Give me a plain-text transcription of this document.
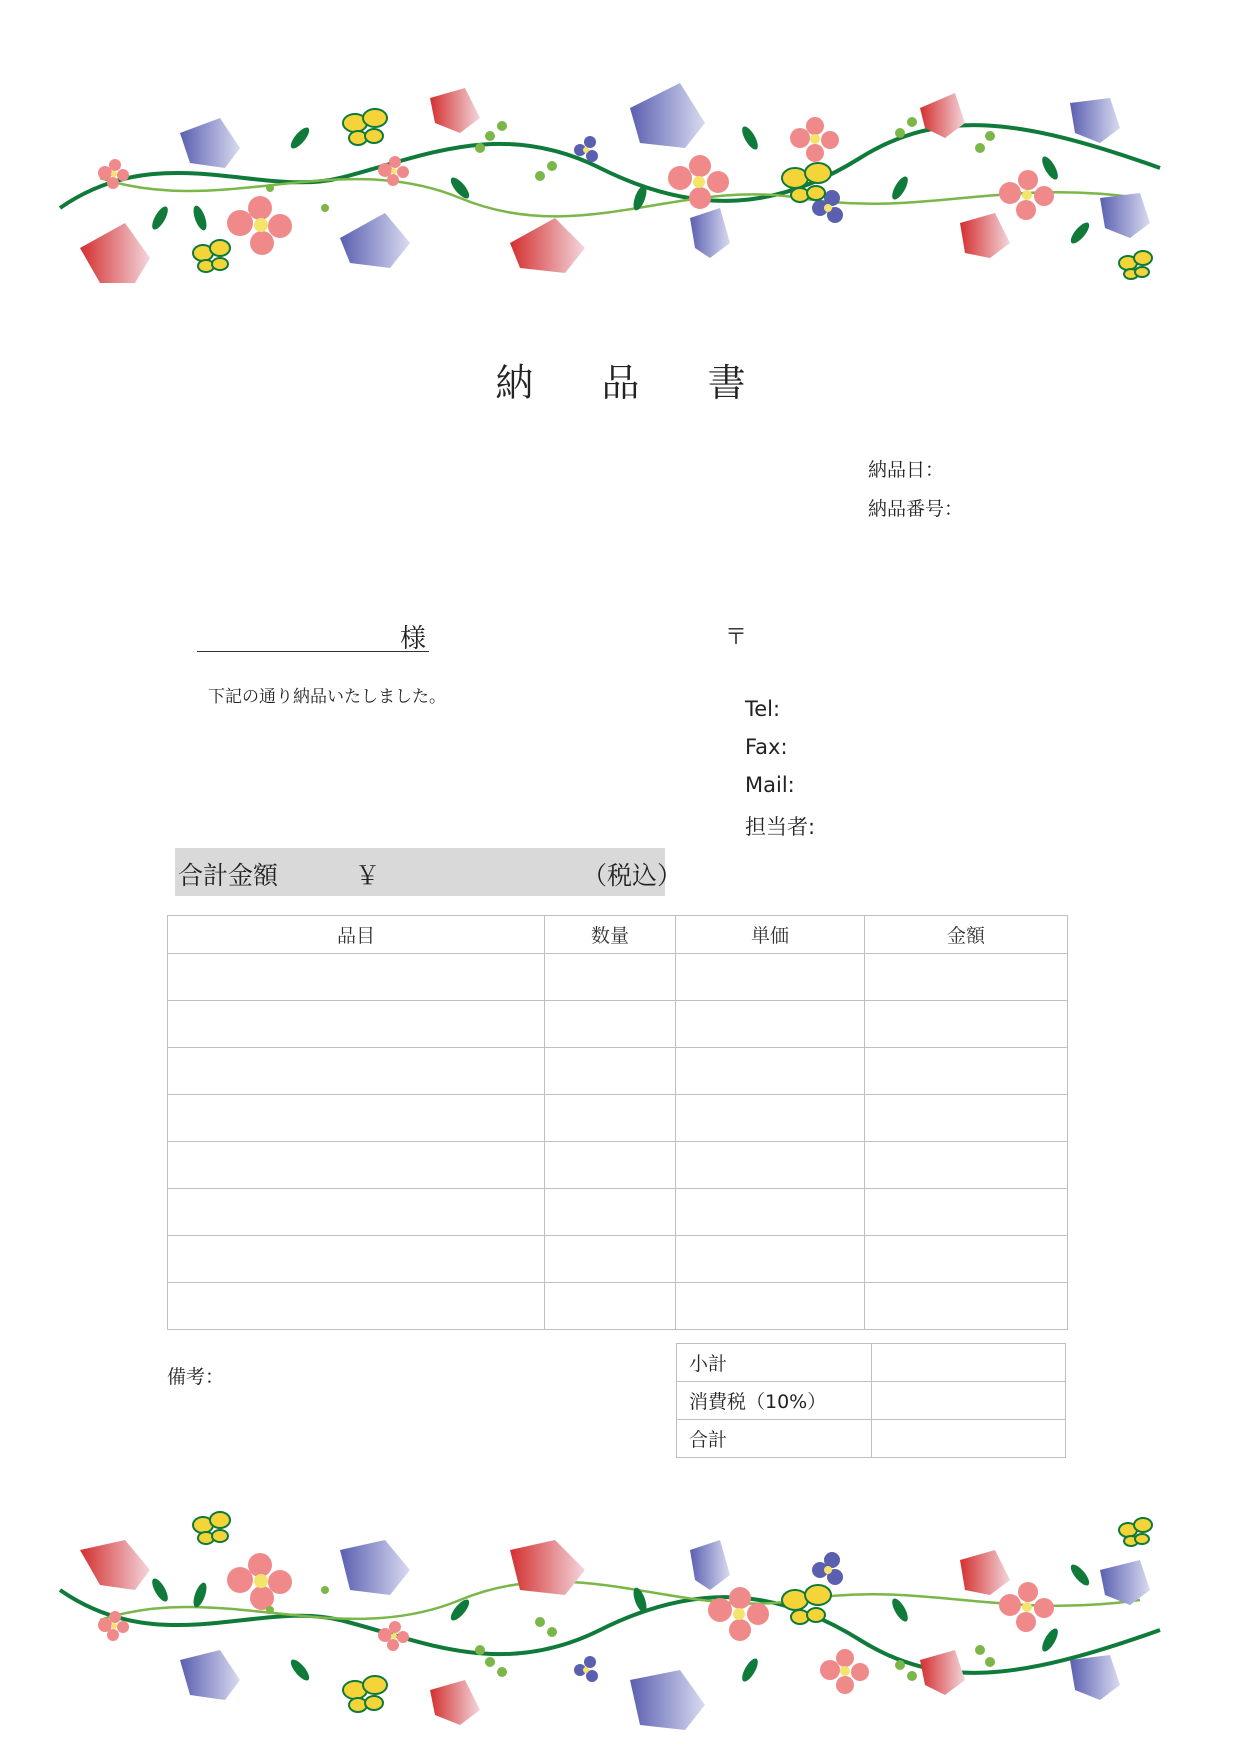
納 品 書
納品日：
納品番号：
様
下記の通り納品いたしました。
〒
Tel:
Fax:
Mail:
担当者:
合計金額	￥	（税込）
品目	数量	単価	金額

備考：
小計	
消費税（10%）	
合計	
